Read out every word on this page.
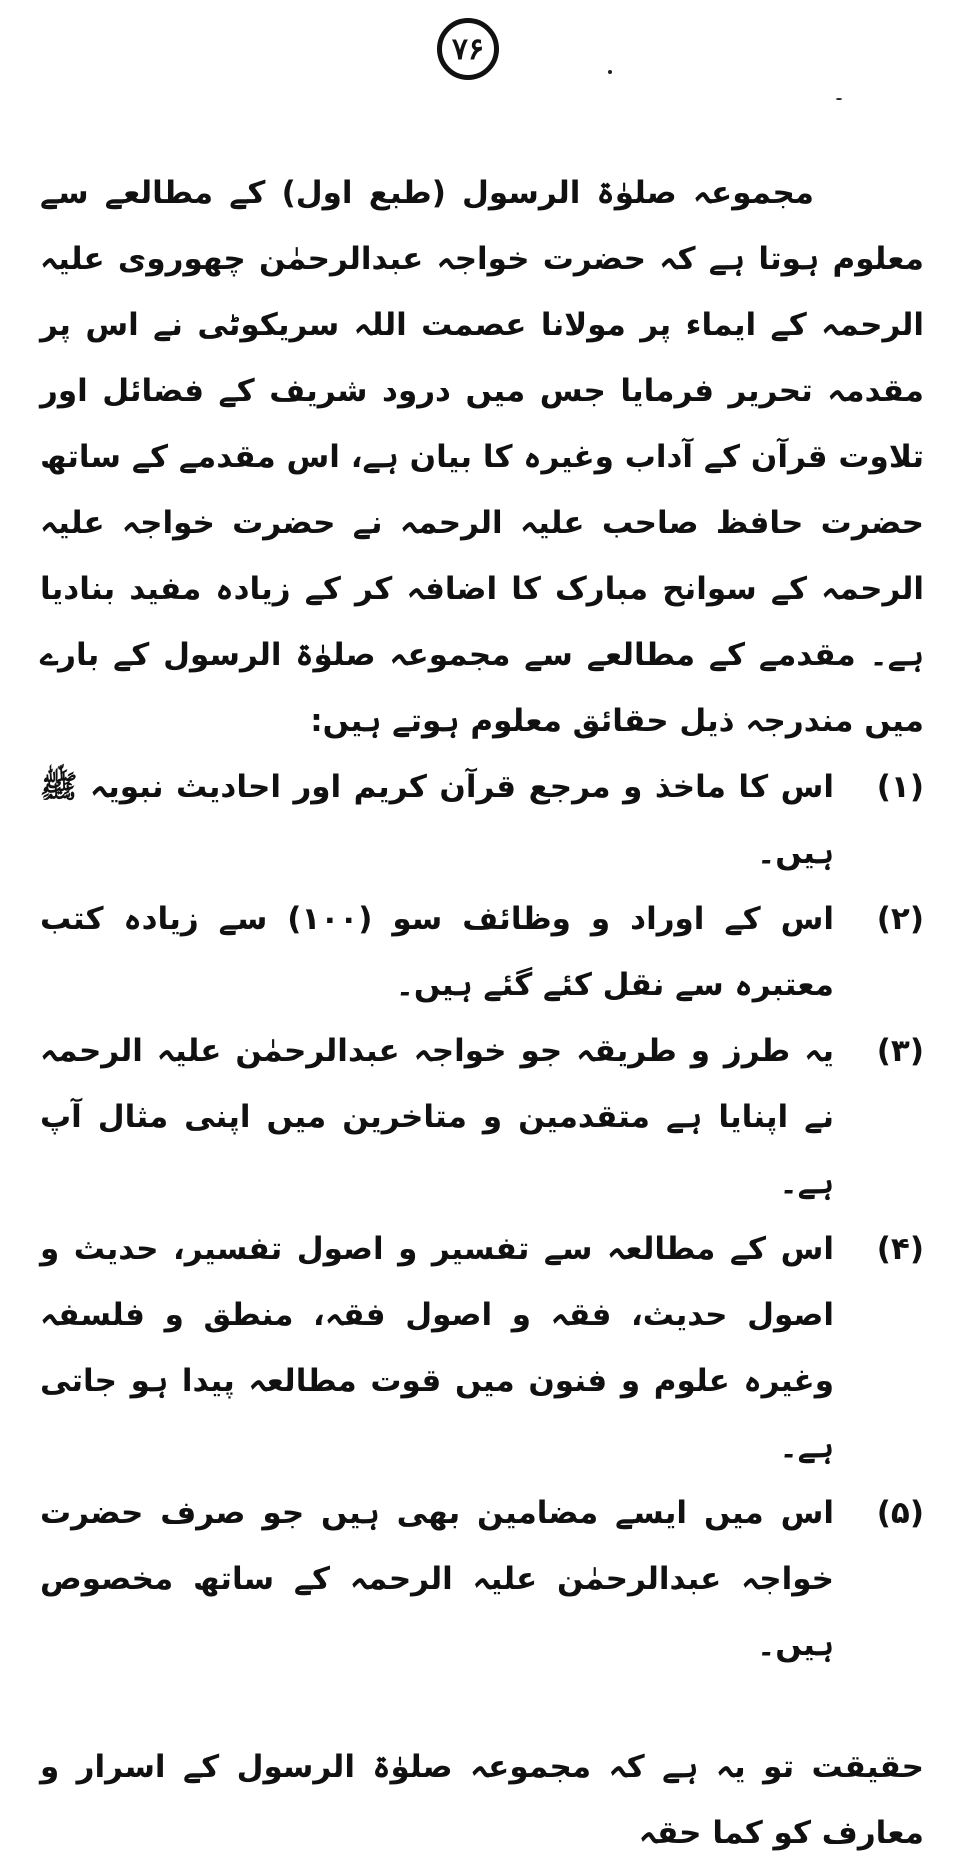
۷۶

مجموعہ صلوٰۃ الرسول (طبع اول) کے مطالعے سے معلوم ہوتا ہے کہ حضرت خواجہ عبدالرحمٰن چھوروی علیہ الرحمہ کے ایماء پر مولانا عصمت اللہ سریکوٹی نے اس پر مقدمہ تحریر فرمایا جس میں درود شریف کے فضائل اور تلاوت قرآن کے آداب وغیرہ کا بیان ہے، اس مقدمے کے ساتھ حضرت حافظ صاحب علیہ الرحمہ نے حضرت خواجہ علیہ الرحمہ کے سوانح مبارک کا اضافہ کر کے زیادہ مفید بنادیا ہے۔ مقدمے کے مطالعے سے مجموعہ صلوٰۃ الرسول کے بارے میں مندرجہ ذیل حقائق معلوم ہوتے ہیں:

(۱)
اس کا ماخذ و مرجع قرآن کریم اور احادیث نبویہ ﷺ ہیں۔
(۲)
اس کے اوراد و وظائف سو (۱۰۰) سے زیادہ کتب معتبرہ سے نقل کئے گئے ہیں۔
(۳)
یہ طرز و طریقہ جو خواجہ عبدالرحمٰن علیہ الرحمہ نے اپنایا ہے متقدمین و متاخرین میں اپنی مثال آپ ہے۔
(۴)
اس کے مطالعہ سے تفسیر و اصول تفسیر، حدیث و اصول حدیث، فقہ و اصول فقہ، منطق و فلسفہ وغیرہ علوم و فنون میں قوت مطالعہ پیدا ہو جاتی ہے۔
(۵)
اس میں ایسے مضامین بھی ہیں جو صرف حضرت خواجہ عبدالرحمٰن علیہ الرحمہ کے ساتھ مخصوص ہیں۔

حقیقت تو یہ ہے کہ مجموعہ صلوٰۃ الرسول کے اسرار و معارف کو کما حقہ
